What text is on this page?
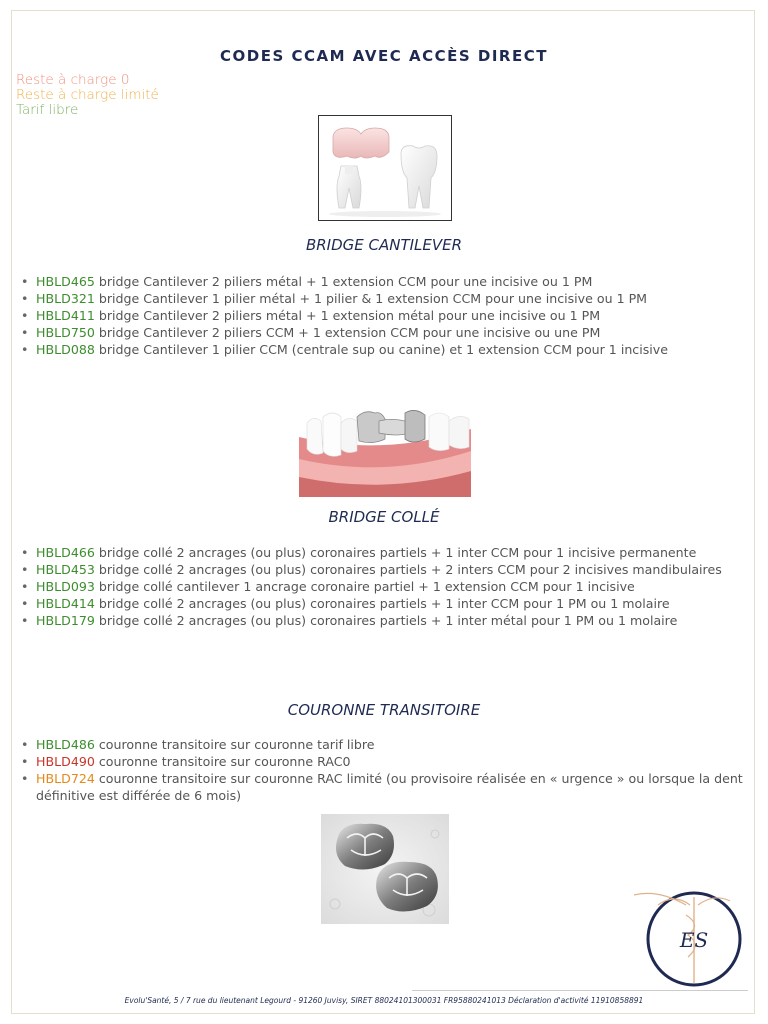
CODES CCAM AVEC ACCÈS DIRECT
Reste à charge 0
Reste à charge limité
Tarif libre
BRIDGE CANTILEVER
• HBLD465 bridge Cantilever 2 piliers métal + 1 extension CCM pour une incisive ou 1 PM
• HBLD321 bridge Cantilever 1 pilier métal + 1 pilier & 1 extension CCM pour une incisive ou 1 PM
• HBLD411 bridge Cantilever 2 piliers métal + 1 extension métal pour une incisive ou 1 PM
• HBLD750 bridge Cantilever 2 piliers CCM + 1 extension CCM pour une incisive ou une PM
• HBLD088 bridge Cantilever 1 pilier CCM (centrale sup ou canine) et 1 extension CCM pour 1 incisive
BRIDGE COLLÉ
• HBLD466 bridge collé 2 ancrages (ou plus) coronaires partiels + 1 inter CCM pour 1 incisive permanente
• HBLD453 bridge collé 2 ancrages (ou plus) coronaires partiels + 2 inters CCM pour 2 incisives mandibulaires
• HBLD093 bridge collé cantilever 1 ancrage coronaire partiel + 1 extension CCM pour 1 incisive
• HBLD414 bridge collé 2 ancrages (ou plus) coronaires partiels + 1 inter CCM pour 1 PM ou 1 molaire
• HBLD179 bridge collé 2 ancrages (ou plus) coronaires partiels + 1 inter métal pour 1 PM ou 1 molaire
COURONNE TRANSITOIRE
• HBLD486 couronne transitoire sur couronne tarif libre
• HBLD490 couronne transitoire sur couronne RAC0
• HBLD724 couronne transitoire sur couronne RAC limité (ou provisoire réalisée en « urgence » ou lorsque la dent définitive est différée de 6 mois)
ES
Evolu'Santé, 5 / 7 rue du lieutenant Legourd - 91260 Juvisy, SIRET 88024101300031 FR95880241013 Déclaration d'activité 11910858891
